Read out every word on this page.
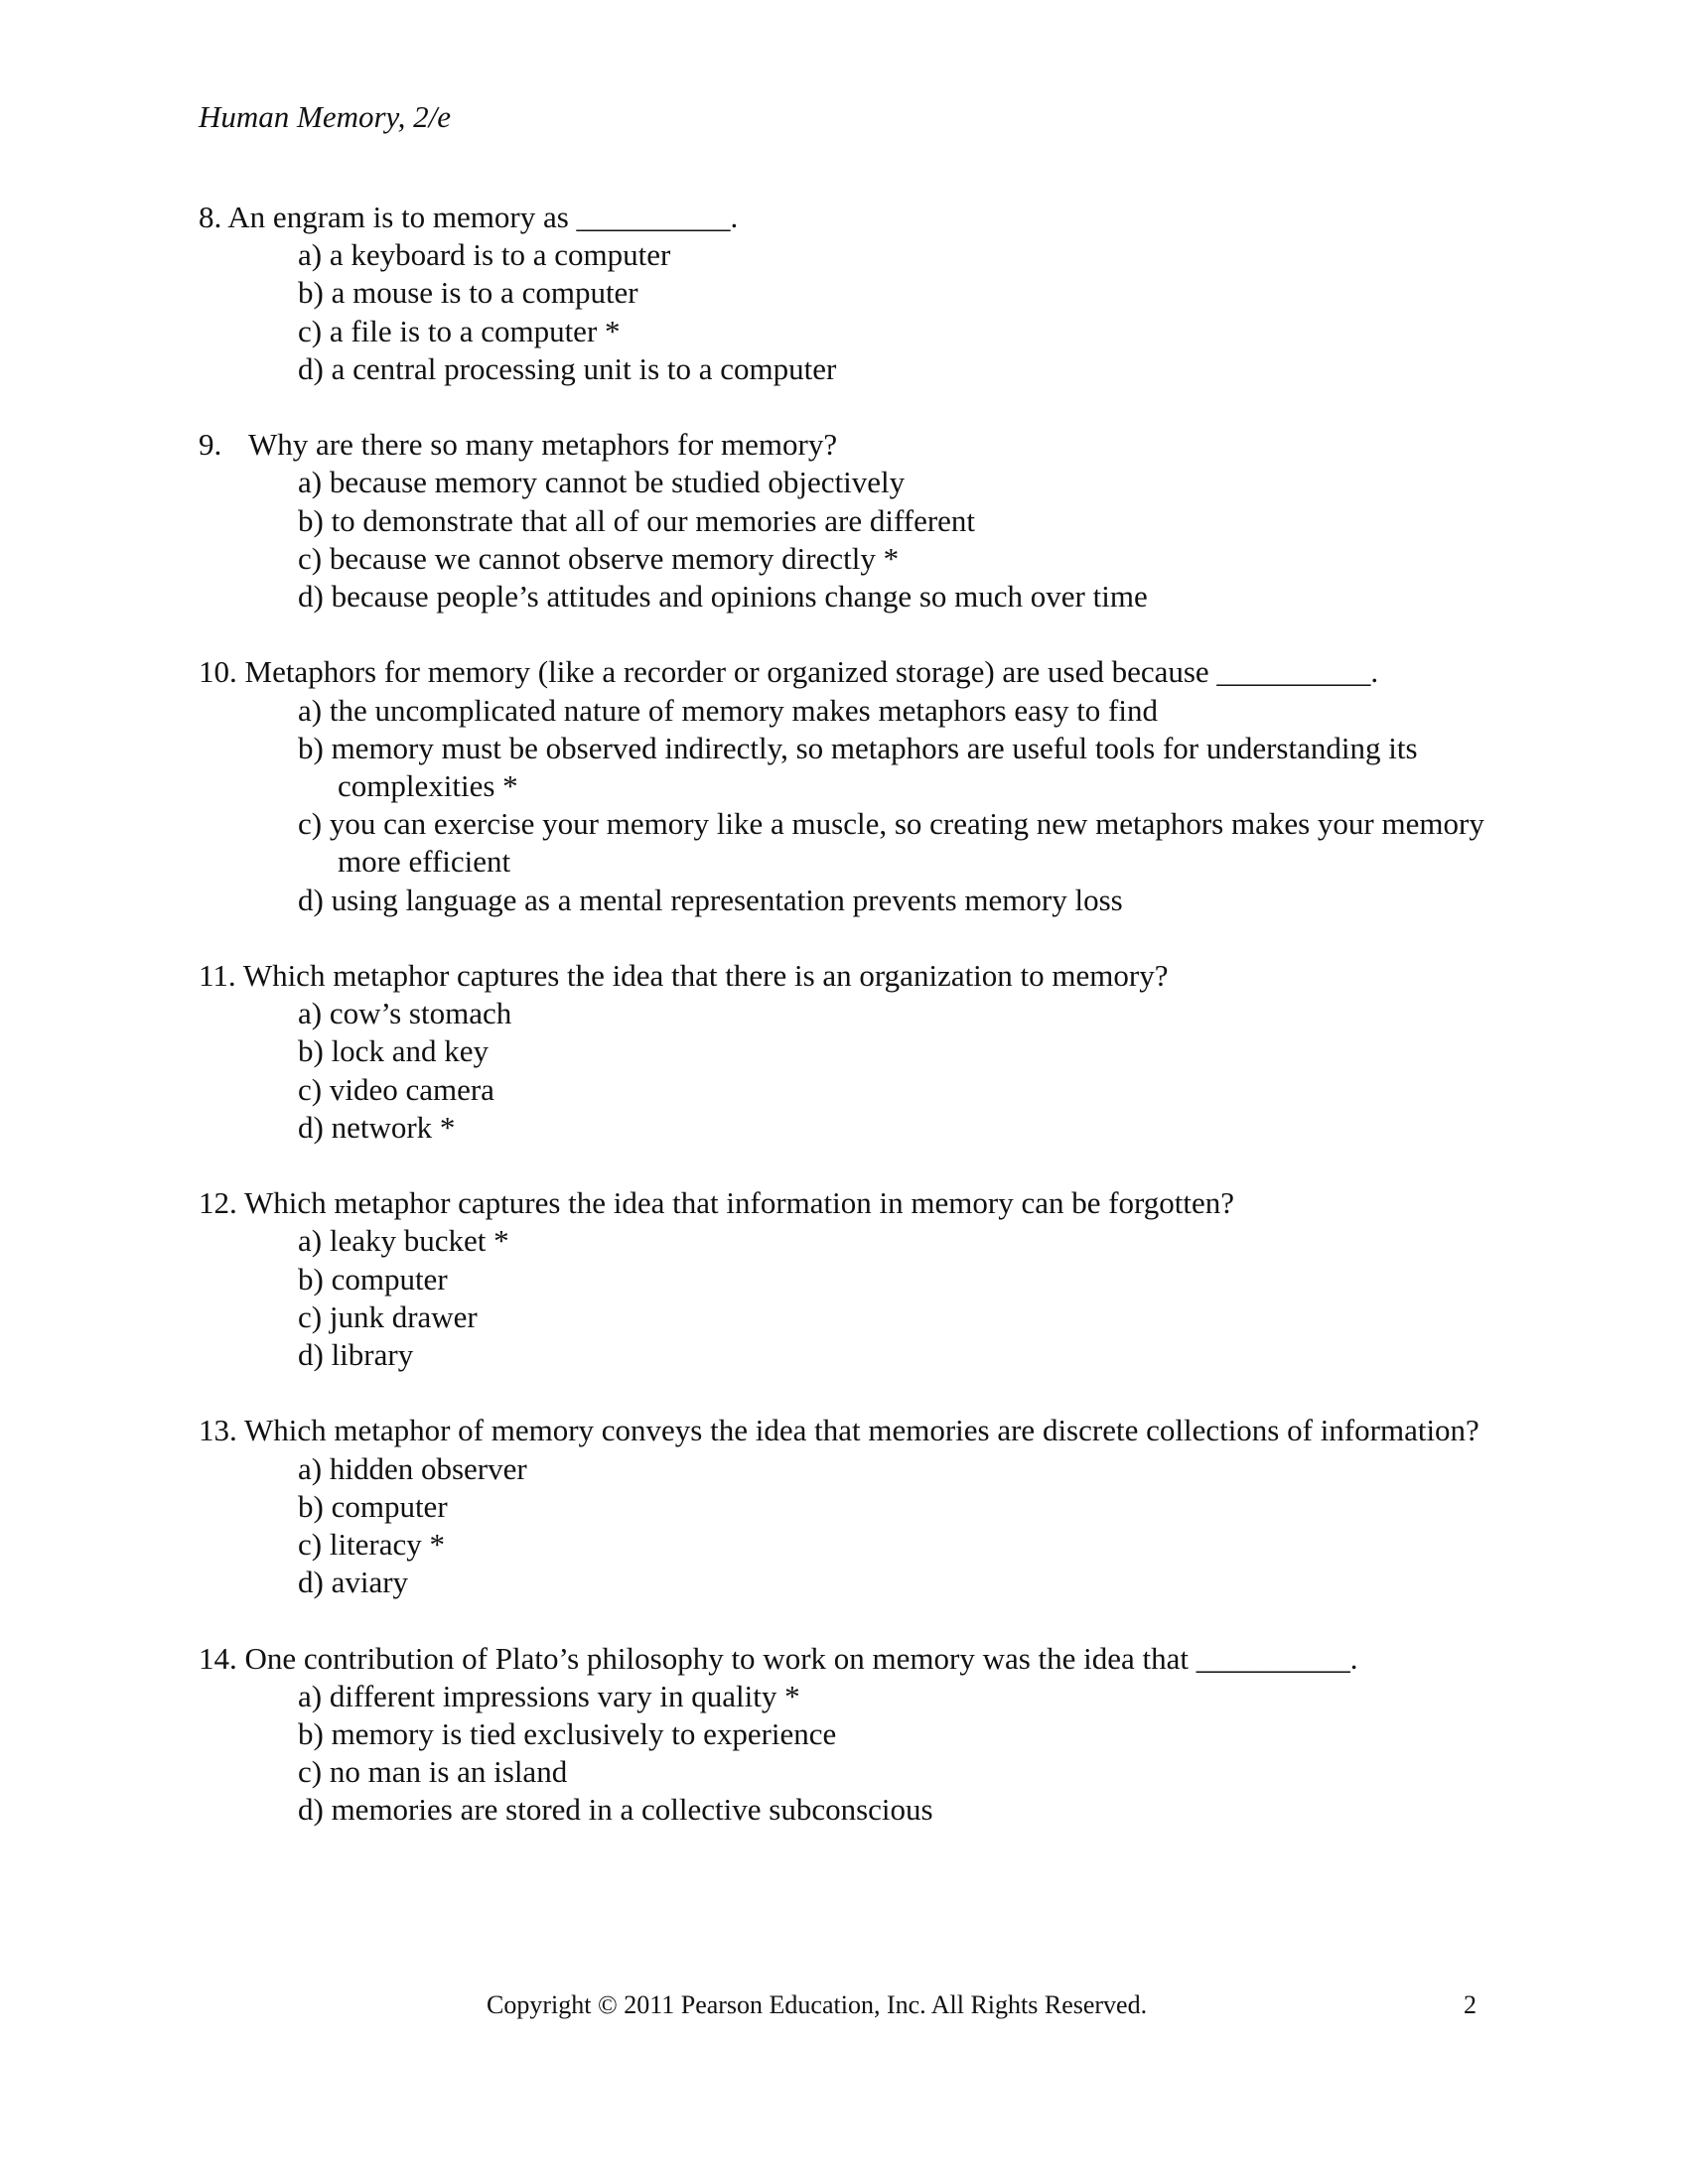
Human Memory, 2/e
8. An engram is to memory as __________.
a) a keyboard is to a computer
b) a mouse is to a computer
c) a file is to a computer *
d) a central processing unit is to a computer
9. Why are there so many metaphors for memory?
a) because memory cannot be studied objectively
b) to demonstrate that all of our memories are different
c) because we cannot observe memory directly *
d) because people’s attitudes and opinions change so much over time
10. Metaphors for memory (like a recorder or organized storage) are used because __________.
a) the uncomplicated nature of memory makes metaphors easy to find
b) memory must be observed indirectly, so metaphors are useful tools for understanding its complexities *
c) you can exercise your memory like a muscle, so creating new metaphors makes your memory more efficient
d) using language as a mental representation prevents memory loss
11. Which metaphor captures the idea that there is an organization to memory?
a) cow’s stomach
b) lock and key
c) video camera
d) network *
12. Which metaphor captures the idea that information in memory can be forgotten?
a) leaky bucket *
b) computer
c) junk drawer
d) library
13. Which metaphor of memory conveys the idea that memories are discrete collections of information?
a) hidden observer
b) computer
c) literacy *
d) aviary
14. One contribution of Plato’s philosophy to work on memory was the idea that __________.
a) different impressions vary in quality *
b) memory is tied exclusively to experience
c) no man is an island
d) memories are stored in a collective subconscious
Copyright © 2011 Pearson Education, Inc. All Rights Reserved.	2
